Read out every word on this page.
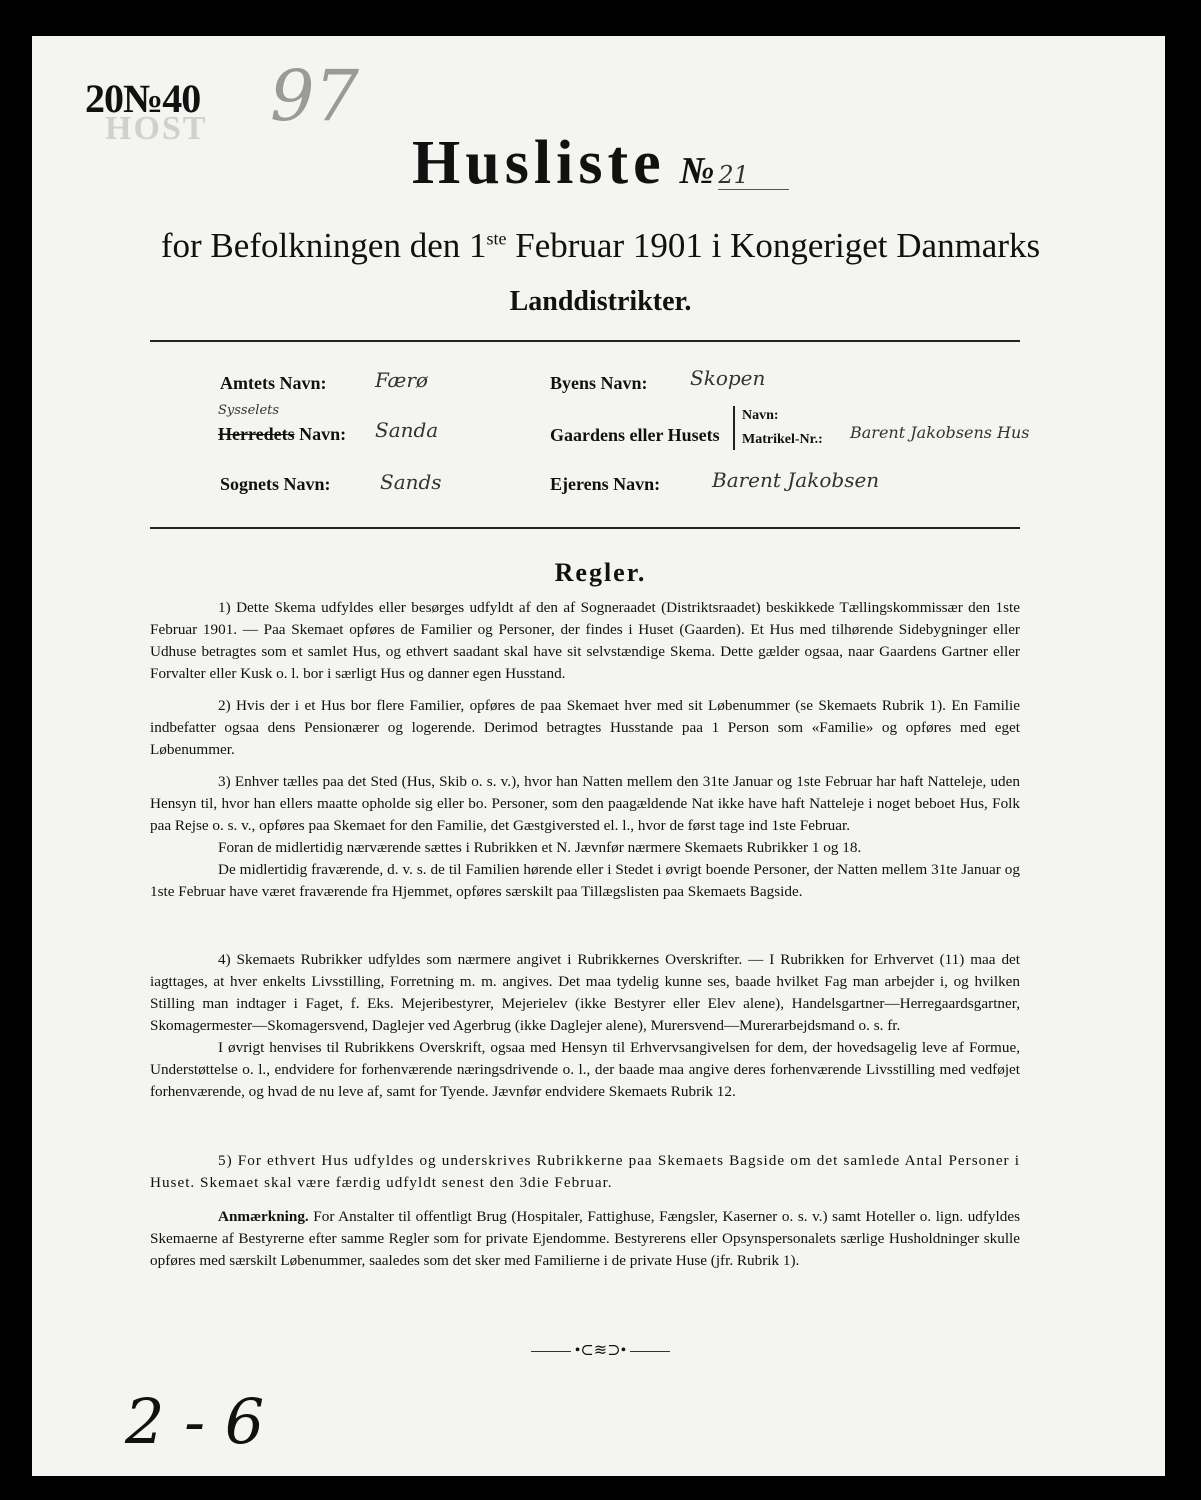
20№40
HOST 97
Husliste № 21
for Befolkningen den 1ste Februar 1901 i Kongeriget Danmarks
Landdistrikter.
Amtets Navn: Færø
Sysselets
Herredets Navn: Sanda
Sognets Navn: Sands
Byens Navn: Skopen
Gaardens eller Husets
Navn:
Matrikel-Nr.: Barent Jakobsens Hus
Ejerens Navn:	Barent Jakobsen
Regler.

1) Dette Skema udfyldes eller besørges udfyldt af den af Sogneraadet (Distriktsraadet) beskikkede Tællingskommissær den 1ste Februar 1901. — Paa Skemaet opføres de Familier og Personer, der findes i Huset (Gaarden). Et Hus med tilhørende Sidebygninger eller Udhuse betragtes som et samlet Hus, og ethvert saadant skal have sit selvstændige Skema. Dette gælder ogsaa, naar Gaardens Gartner eller Forvalter eller Kusk o. l. bor i særligt Hus og danner egen Husstand.

2) Hvis der i et Hus bor flere Familier, opføres de paa Skemaet hver med sit Løbenummer (se Skemaets Rubrik 1). En Familie indbefatter ogsaa dens Pensionærer og logerende. Derimod betragtes Husstande paa 1 Person som «Familie» og opføres med eget Løbenummer.

3) Enhver tælles paa det Sted (Hus, Skib o. s. v.), hvor han Natten mellem den 31te Januar og 1ste Februar har haft Natteleje, uden Hensyn til, hvor han ellers maatte opholde sig eller bo. Personer, som den paagældende Nat ikke have haft Natteleje i noget beboet Hus, Folk paa Rejse o. s. v., opføres paa Skemaet for den Familie, det Gæstgiversted el. l., hvor de først tage ind 1ste Februar.

Foran de midlertidig nærværende sættes i Rubrikken et N. Jævnfør nærmere Skemaets Rubrikker 1 og 18.

De midlertidig fraværende, d. v. s. de til Familien hørende eller i Stedet i øvrigt boende Personer, der Natten mellem 31te Januar og 1ste Februar have været fraværende fra Hjemmet, opføres særskilt paa Tillægslisten paa Skemaets Bagside.

4) Skemaets Rubrikker udfyldes som nærmere angivet i Rubrikkernes Overskrifter. — I Rubrikken for Erhvervet (11) maa det iagttages, at hver enkelts Livsstilling, Forretning m. m. angives. Det maa tydelig kunne ses, baade hvilket Fag man arbejder i, og hvilken Stilling man indtager i Faget, f. Eks. Mejeribestyrer, Mejerielev (ikke Bestyrer eller Elev alene), Handelsgartner—Herregaardsgartner, Skomagermester—Skomagersvend, Daglejer ved Agerbrug (ikke Daglejer alene), Murersvend—Murerarbejdsmand o. s. fr.

I øvrigt henvises til Rubrikkens Overskrift, ogsaa med Hensyn til Erhvervsangivelsen for dem, der hovedsagelig leve af Formue, Understøttelse o. l., endvidere for forhenværende næringsdrivende o. l., der baade maa angive deres forhenværende Livsstilling med vedføjet forhenværende, og hvad de nu leve af, samt for Tyende. Jævnfør endvidere Skemaets Rubrik 12.

5) For ethvert Hus udfyldes og underskrives Rubrikkerne paa Skemaets Bagside om det samlede Antal Personer i Huset. Skemaet skal være færdig udfyldt senest den 3die Februar.

Anmærkning. For Anstalter til offentligt Brug (Hospitaler, Fattighuse, Fængsler, Kaserner o. s. v.) samt Hoteller o. lign. udfyldes Skemaerne af Bestyrerne efter samme Regler som for private Ejendomme. Bestyrerens eller Opsynspersonalets særlige Husholdninger skulle opføres med særskilt Løbenummer, saaledes som det sker med Familierne i de private Huse (jfr. Rubrik 1).

•⊂≋⊃•
2 - 6
